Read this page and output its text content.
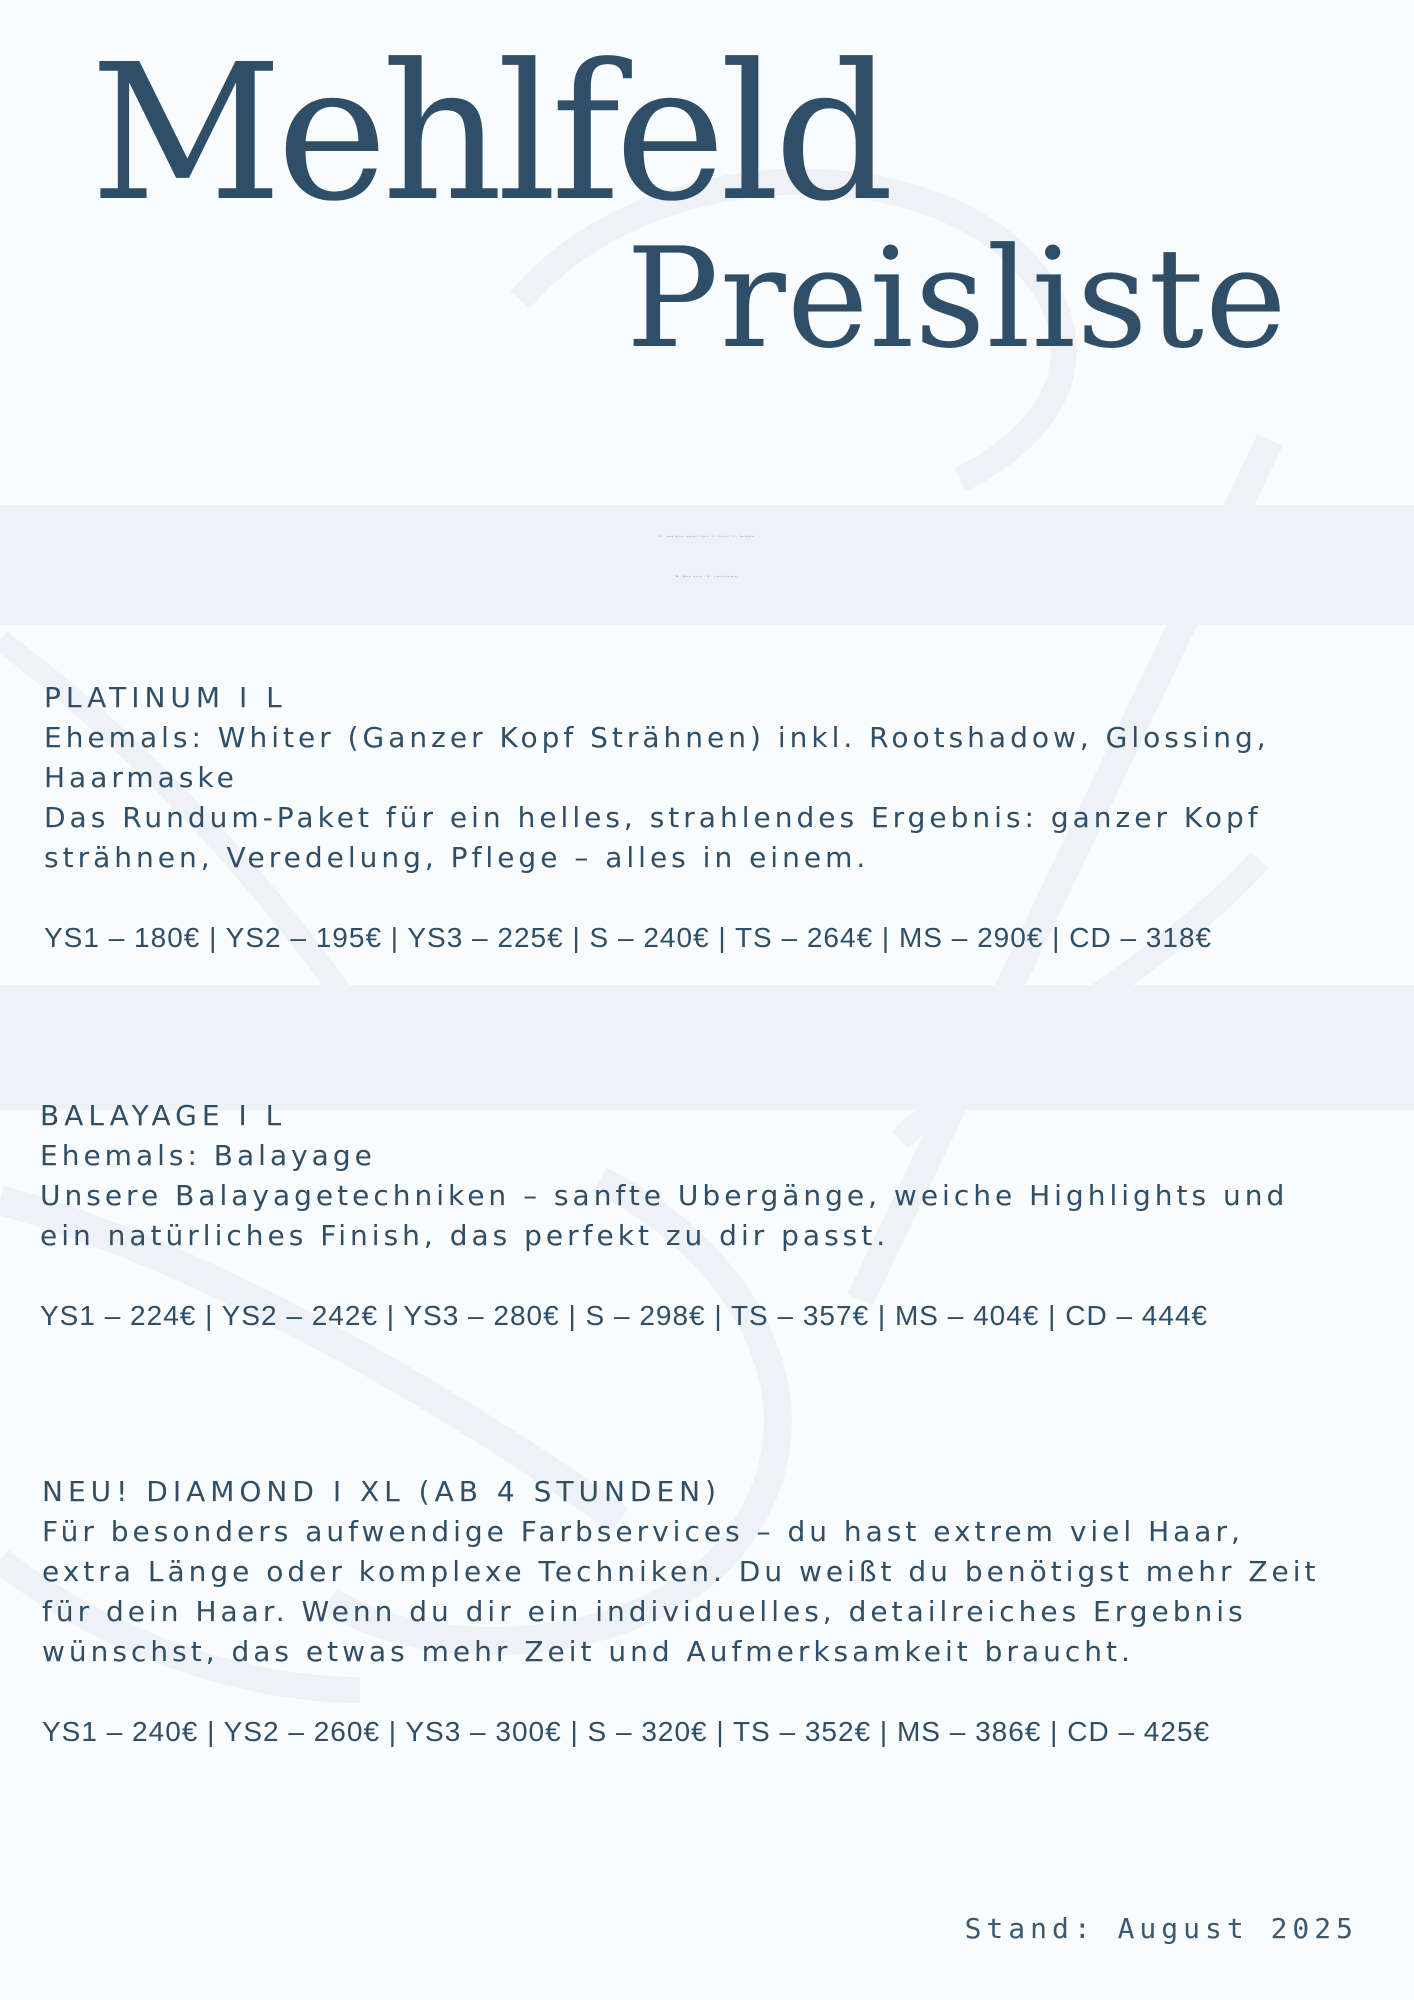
Mehlfeld
Preisliste
YS — Young Stylist Lehrjahr 1 bis 3 | S — Stylist | TS - Top-Stylist
MS - Master Stylist | CD - Creative Director
PLATINUM I L
Ehemals: Whiter (Ganzer Kopf Strähnen) inkl. Rootshadow, Glossing,
Haarmaske
Das Rundum-Paket für ein helles, strahlendes Ergebnis: ganzer Kopf
strähnen, Veredelung, Pflege – alles in einem.
YS1 – 180€ | YS2 – 195€ | YS3 – 225€ | S – 240€ | TS – 264€ | MS – 290€ | CD – 318€
BALAYAGE I L
Ehemals: Balayage
Unsere Balayagetechniken – sanfte Ubergänge, weiche Highlights und
ein natürliches Finish, das perfekt zu dir passt.
YS1 – 224€ | YS2 – 242€ | YS3 – 280€ | S – 298€ | TS – 357€ | MS – 404€ | CD – 444€
NEU! DIAMOND I XL (AB 4 STUNDEN)
Für besonders aufwendige Farbservices – du hast extrem viel Haar,
extra Länge oder komplexe Techniken. Du weißt du benötigst mehr Zeit
für dein Haar. Wenn du dir ein individuelles, detailreiches Ergebnis
wünschst, das etwas mehr Zeit und Aufmerksamkeit braucht.
YS1 – 240€ | YS2 – 260€ | YS3 – 300€ | S – 320€ | TS – 352€ | MS – 386€ | CD – 425€
Stand: August 2025
